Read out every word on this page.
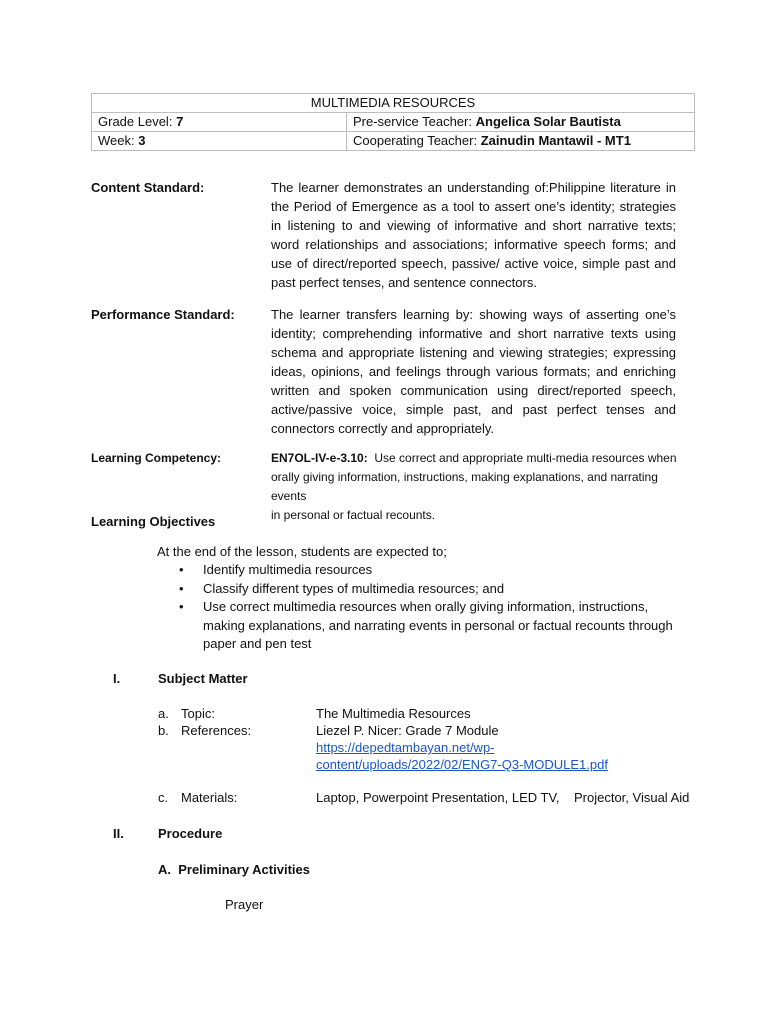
MULTIMEDIA RESOURCES	
Grade Level: 7	Pre-service Teacher: Angelica Solar Bautista
Week: 3	Cooperating Teacher: Zainudin Mantawil - MT1
Content Standard:	The learner demonstrates an understanding of:Philippine literature in the Period of Emergence as a tool to assert one’s identity; strategies in listening to and viewing of informative and short narrative texts; word relationships and associations; informative speech forms; and use of direct/reported speech, passive/ active voice, simple past and past perfect tenses, and sentence connectors.
Performance Standard:	The learner transfers learning by: showing ways of asserting one’s identity; comprehending informative and short narrative texts using schema and appropriate listening and viewing strategies; expressing ideas, opinions, and feelings through various formats; and enriching written and spoken communication using direct/reported speech, active/passive voice, simple past, and past perfect tenses and connectors correctly and appropriately.
Learning Competency:	EN7OL-IV-e-3.10: Use correct and appropriate multi-media resources when
orally giving information, instructions, making explanations, and narrating events
in personal or factual recounts.
Learning Objectives
At the end of the lesson, students are expected to;
• Identify multimedia resources
• Classify different types of multimedia resources; and
• Use correct multimedia resources when orally giving information, instructions, making explanations, and narrating events in personal or factual recounts through paper and pen test
I.	Subject Matter
a. Topic:	The Multimedia Resources
b. References:	Liezel P. Nicer: Grade 7 Module
https://depedtambayan.net/wp-
content/uploads/2022/02/ENG7-Q3-MODULE1.pdf
c. Materials:	Laptop, Powerpoint Presentation, LED TV,    Projector, Visual Aid
II.	Procedure
A.  Preliminary Activities
Prayer
